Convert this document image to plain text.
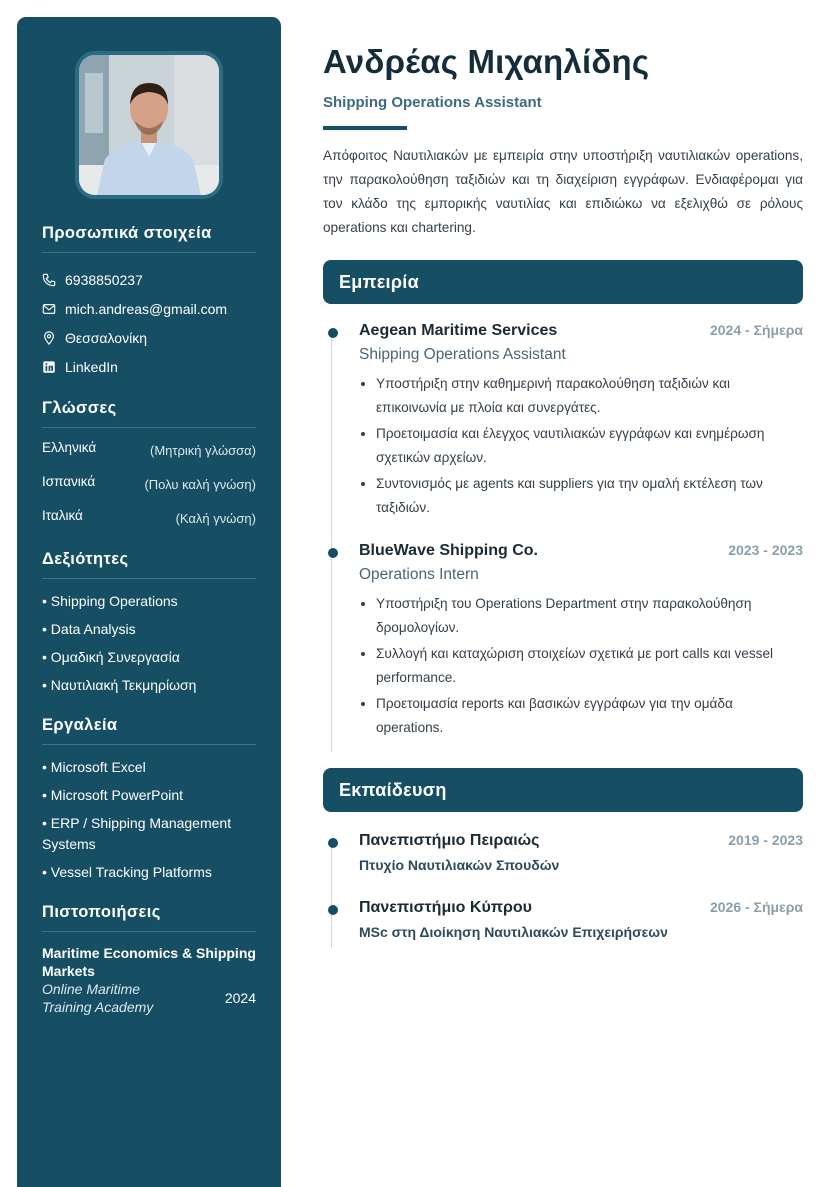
Προσωπικά στοιχεία
6938850237
mich.andreas@gmail.com
Θεσσαλονίκη
LinkedIn
Γλώσσες
Ελληνικά	(Μητρική γλώσσα)
Ισπανικά	(Πολυ καλή γνώση)
Ιταλικά	(Καλή γνώση)
Δεξιότητες
• Shipping Operations
• Data Analysis
• Ομαδική Συνεργασία
• Ναυτιλιακή Τεκμηρίωση
Εργαλεία
• Microsoft Excel
• Microsoft PowerPoint
• ERP / Shipping Management Systems
• Vessel Tracking Platforms
Πιστοποιήσεις
Maritime Economics & Shipping Markets
Online Maritime Training Academy
2024
Ανδρέας Μιχαηλίδης
Shipping Operations Assistant
Απόφοιτος Ναυτιλιακών με εμπειρία στην υποστήριξη ναυτιλιακών operations, την παρακολούθηση ταξιδιών και τη διαχείριση εγγράφων. Ενδιαφέρομαι για τον κλάδο της εμπορικής ναυτιλίας και επιδιώκω να εξελιχθώ σε ρόλους operations και chartering.
Εμπειρία
Aegean Maritime Services	2024 - Σήμερα
Shipping Operations Assistant
• Υποστήριξη στην καθημερινή παρακολούθηση ταξιδιών και επικοινωνία με πλοία και συνεργάτες.
• Προετοιμασία και έλεγχος ναυτιλιακών εγγράφων και ενημέρωση σχετικών αρχείων.
• Συντονισμός με agents και suppliers για την ομαλή εκτέλεση των ταξιδιών.
BlueWave Shipping Co.	2023 - 2023
Operations Intern
• Υποστήριξη του Operations Department στην παρακολούθηση δρομολογίων.
• Συλλογή και καταχώριση στοιχείων σχετικά με port calls και vessel performance.
• Προετοιμασία reports και βασικών εγγράφων για την ομάδα operations.
Εκπαίδευση
Πανεπιστήμιο Πειραιώς	2019 - 2023
Πτυχίο Ναυτιλιακών Σπουδών
Πανεπιστήμιο Κύπρου	2026 - Σήμερα
MSc στη Διοίκηση Ναυτιλιακών Επιχειρήσεων
